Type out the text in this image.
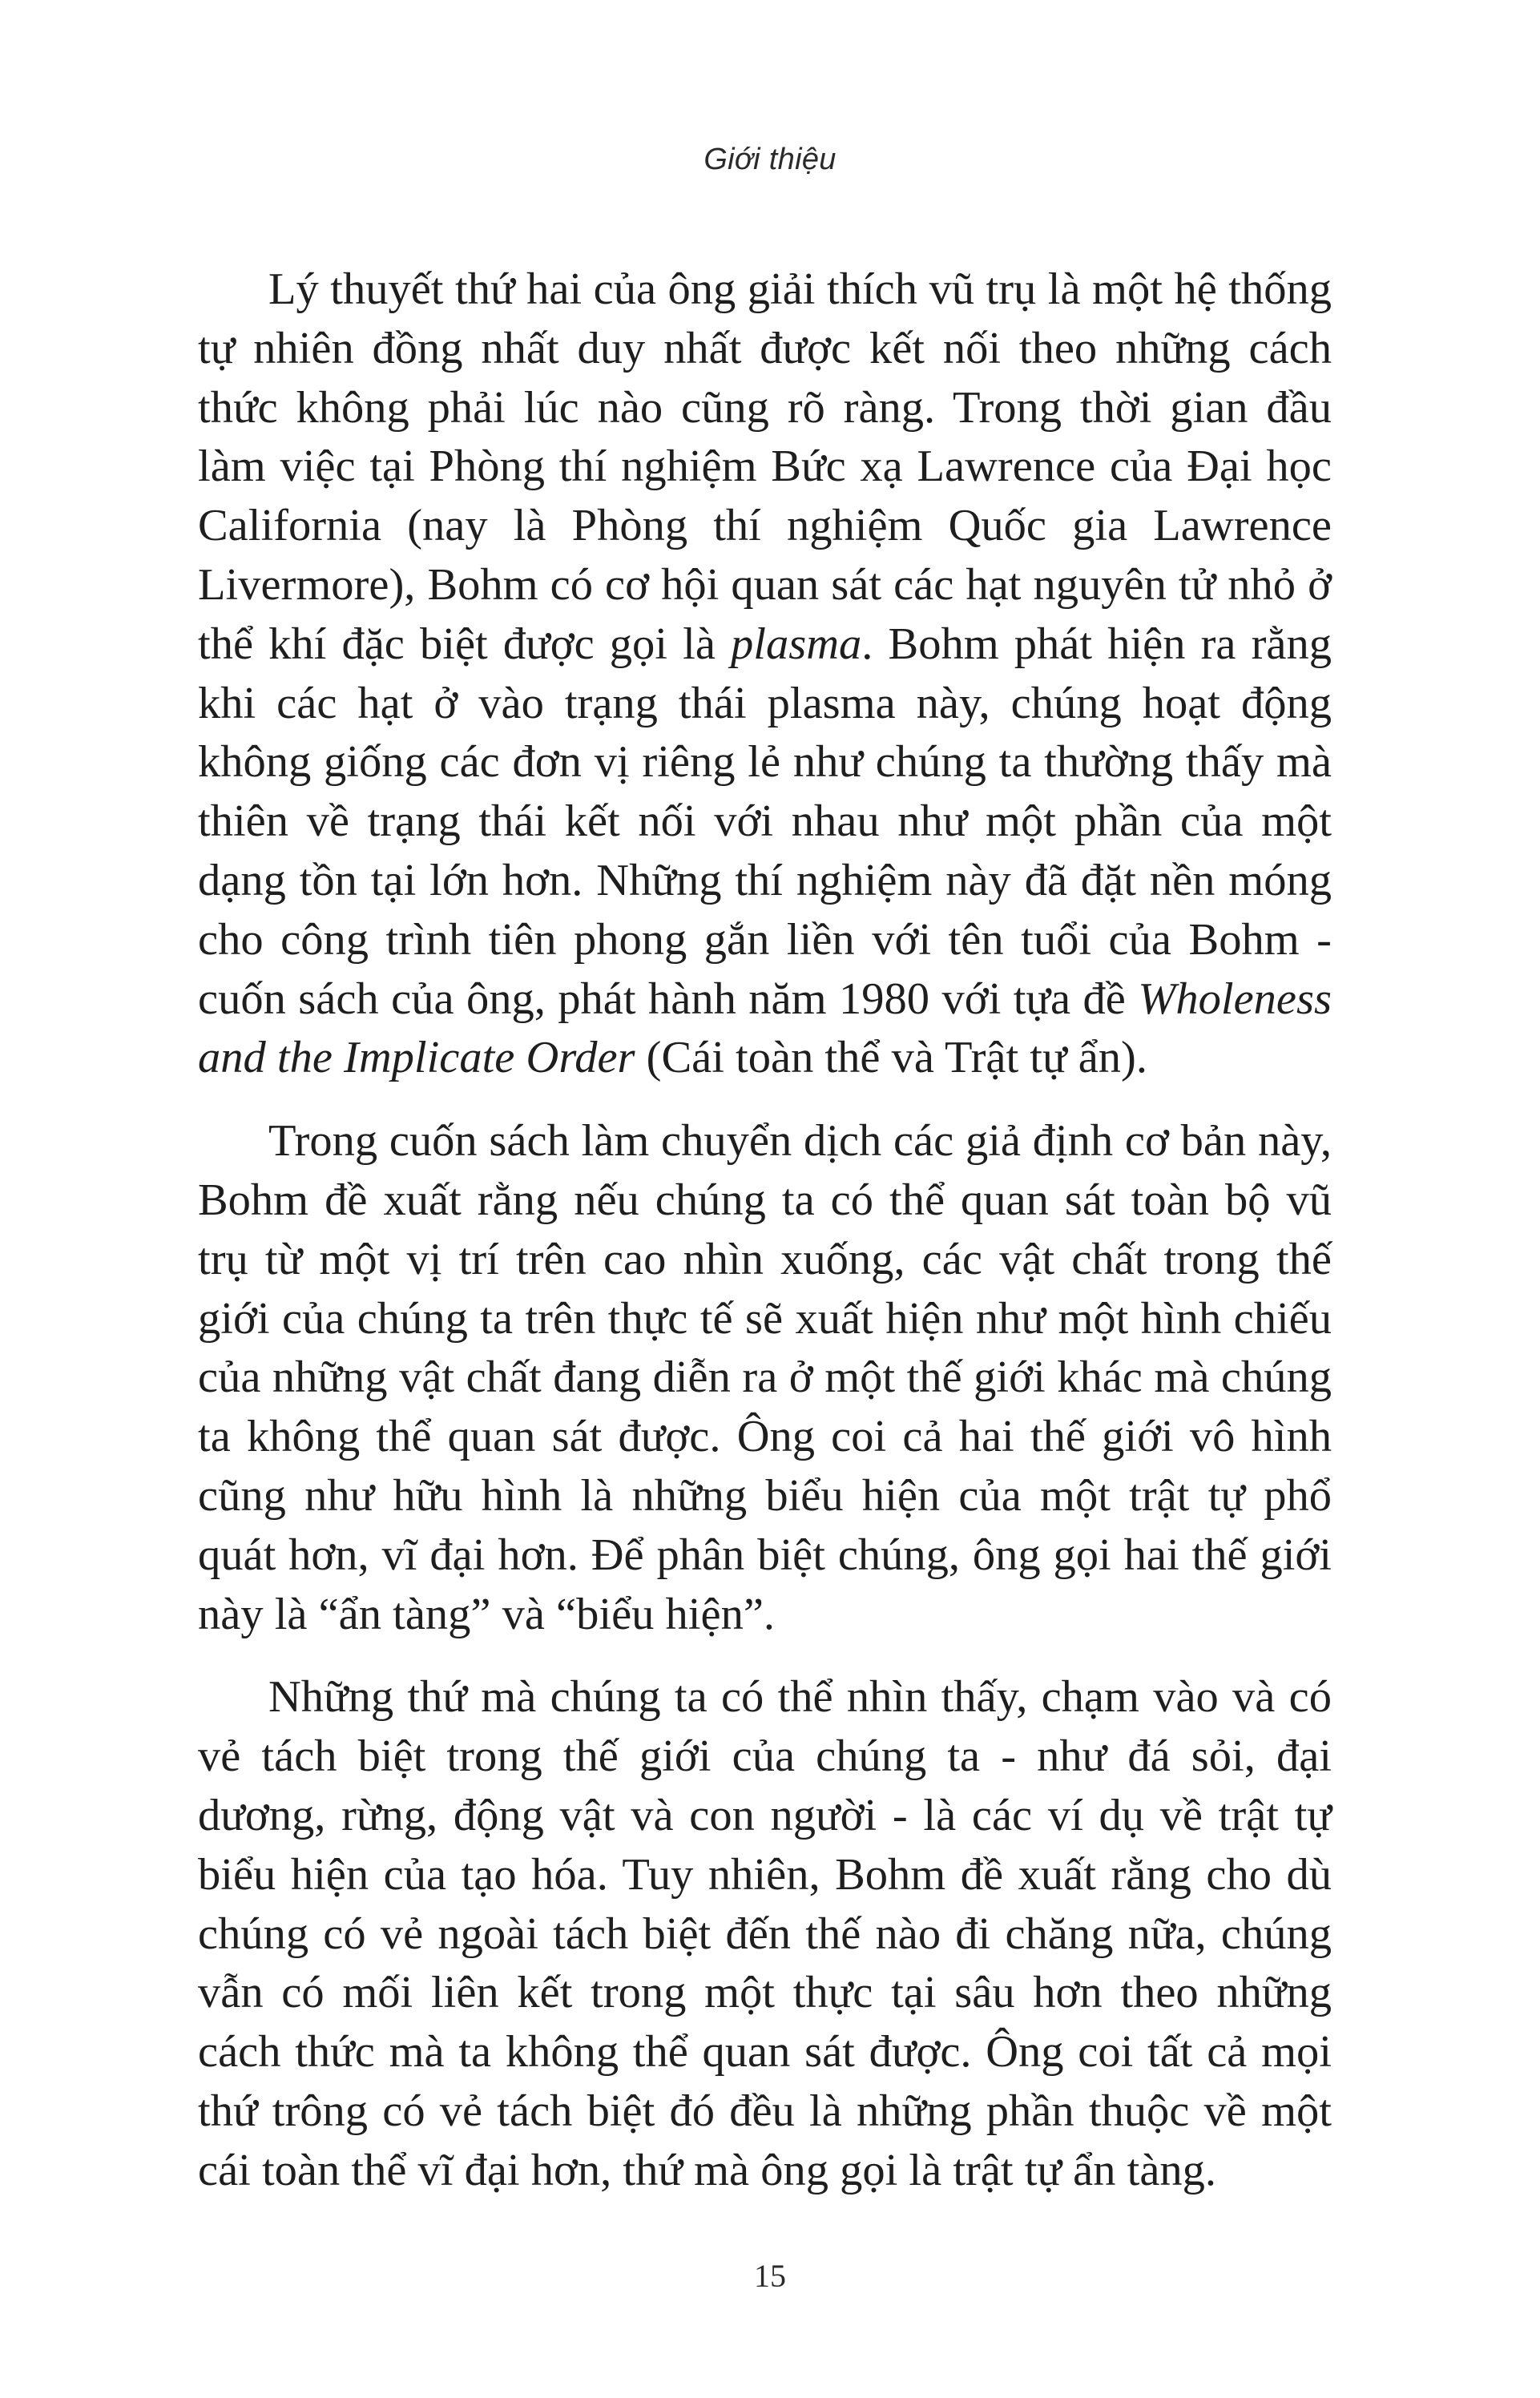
Giới thiệu

Lý thuyết thứ hai của ông giải thích vũ trụ là một hệ thống tự nhiên đồng nhất duy nhất được kết nối theo những cách thức không phải lúc nào cũng rõ ràng. Trong thời gian đầu làm việc tại Phòng thí nghiệm Bức xạ Lawrence của Đại học California (nay là Phòng thí nghiệm Quốc gia Lawrence Livermore), Bohm có cơ hội quan sát các hạt nguyên tử nhỏ ở thể khí đặc biệt được gọi là plasma. Bohm phát hiện ra rằng khi các hạt ở vào trạng thái plasma này, chúng hoạt động không giống các đơn vị riêng lẻ như chúng ta thường thấy mà thiên về trạng thái kết nối với nhau như một phần của một dạng tồn tại lớn hơn. Những thí nghiệm này đã đặt nền móng cho công trình tiên phong gắn liền với tên tuổi của Bohm - cuốn sách của ông, phát hành năm 1980 với tựa đề Wholeness and the Implicate Order (Cái toàn thể và Trật tự ẩn).

Trong cuốn sách làm chuyển dịch các giả định cơ bản này, Bohm đề xuất rằng nếu chúng ta có thể quan sát toàn bộ vũ trụ từ một vị trí trên cao nhìn xuống, các vật chất trong thế giới của chúng ta trên thực tế sẽ xuất hiện như một hình chiếu của những vật chất đang diễn ra ở một thế giới khác mà chúng ta không thể quan sát được. Ông coi cả hai thế giới vô hình cũng như hữu hình là những biểu hiện của một trật tự phổ quát hơn, vĩ đại hơn. Để phân biệt chúng, ông gọi hai thế giới này là “ẩn tàng” và “biểu hiện”.

Những thứ mà chúng ta có thể nhìn thấy, chạm vào và có vẻ tách biệt trong thế giới của chúng ta - như đá sỏi, đại dương, rừng, động vật và con người - là các ví dụ về trật tự biểu hiện của tạo hóa. Tuy nhiên, Bohm đề xuất rằng cho dù chúng có vẻ ngoài tách biệt đến thế nào đi chăng nữa, chúng vẫn có mối liên kết trong một thực tại sâu hơn theo những cách thức mà ta không thể quan sát được. Ông coi tất cả mọi thứ trông có vẻ tách biệt đó đều là những phần thuộc về một cái toàn thể vĩ đại hơn, thứ mà ông gọi là trật tự ẩn tàng.

15
